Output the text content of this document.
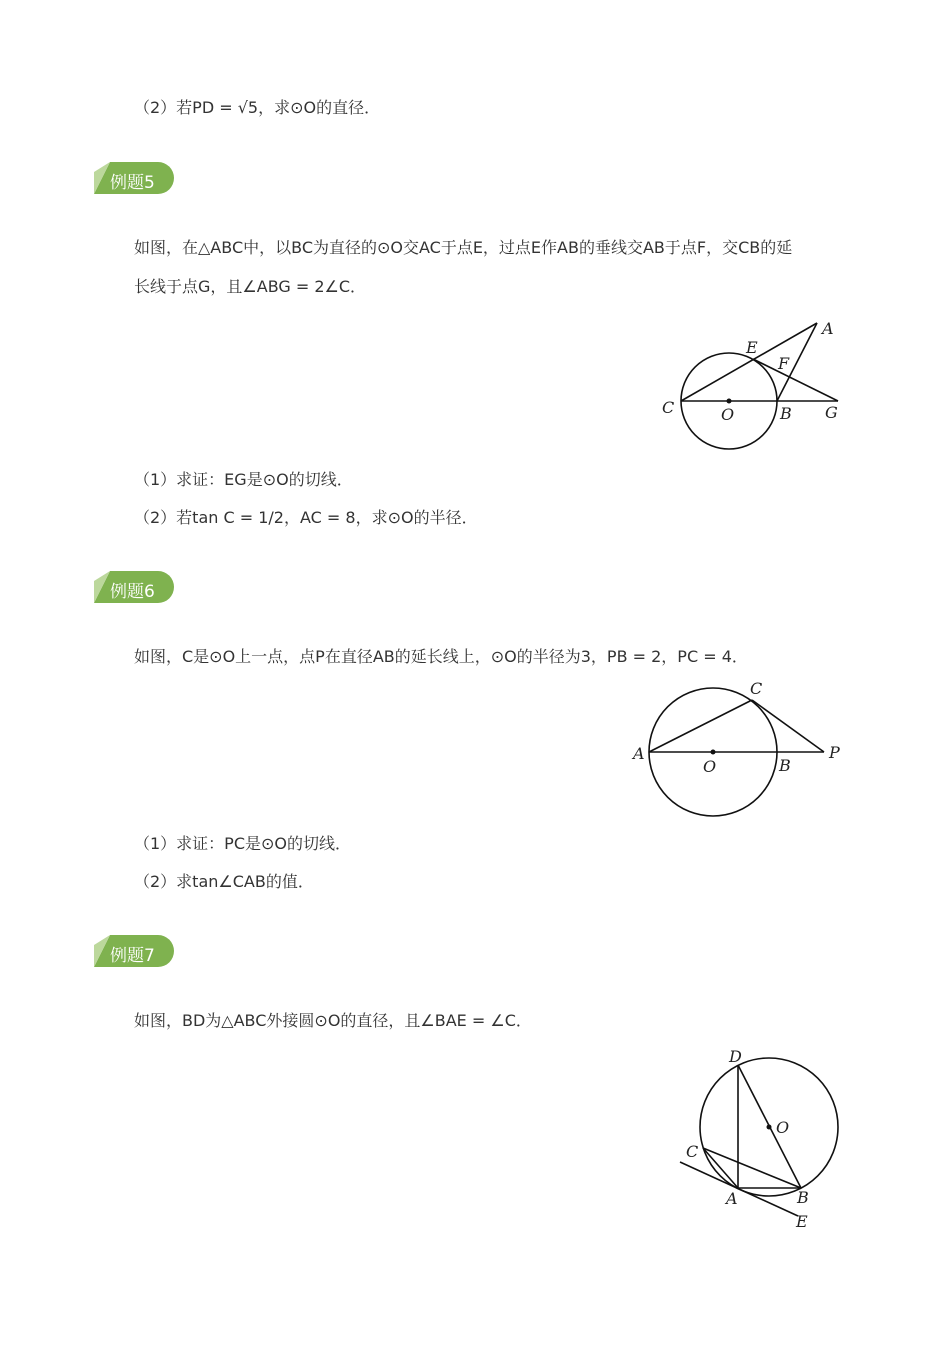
（2）若PD = √5，求⊙O的直径．
例题5
如图，在△ABC中，以BC为直径的⊙O交AC于点E，过点E作AB的垂线交AB于点F，交CB的延
长线于点G，且∠ABG = 2∠C．
A
E
F
C	O	B G
（1）求证：EG是⊙O的切线．
（2）若tan C = 1/2，AC = 8，求⊙O的半径．
例题6
如图，C是⊙O上一点，点P在直径AB的延长线上，⊙O的半径为3，PB = 2，PC = 4．
C
A
O	B
P
（1）求证：PC是⊙O的切线．
（2）求tan∠CAB的值．
例题7
如图，BD为△ABC外接圆⊙O的直径，且∠BAE = ∠C．
D
O
C
A	B
E
